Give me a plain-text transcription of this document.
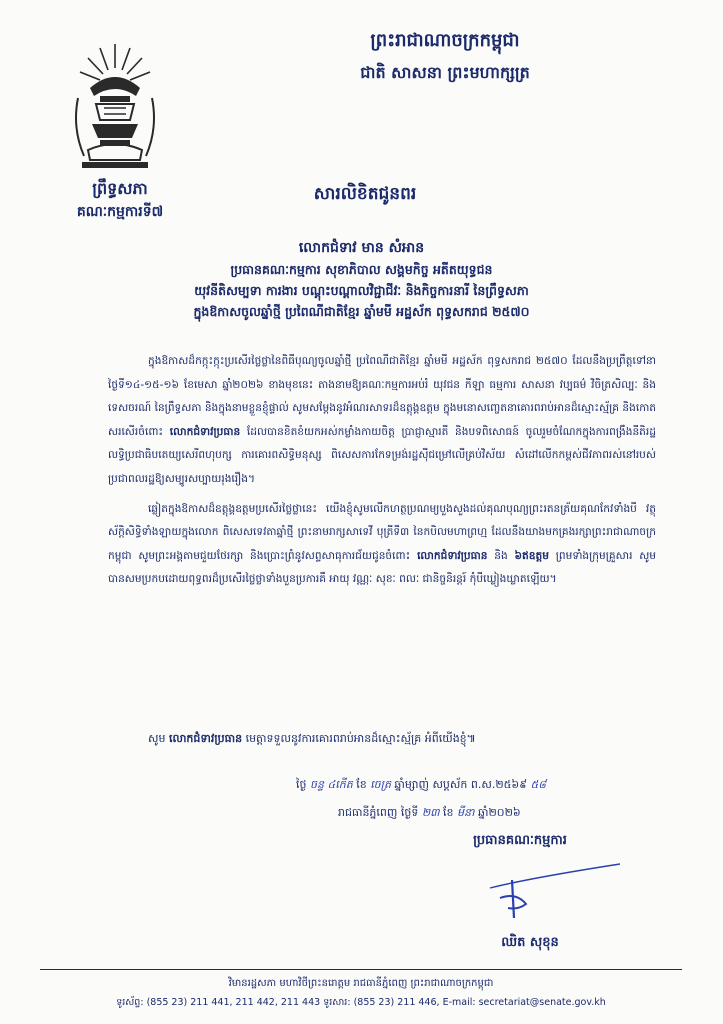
ព្រះរាជាណាចក្រកម្ពុជា
ជាតិ សាសនា ព្រះមហាក្សត្រ
ព្រឹទ្ធសភា
គណៈកម្មការទី៧
សារលិខិតជូនពរ
លោកជំទាវ មាន សំអាន
ប្រធានគណៈកម្មការ សុខាភិបាល សង្គមកិច្ច អតីតយុទ្ធជន
យុវនីតិសម្បទា ការងារ បណ្តុះបណ្តាលវិជ្ជាជីវៈ និងកិច្ចការនារី នៃព្រឹទ្ធសភា
ក្នុងឱកាសចូលឆ្នាំថ្មី ប្រពៃណីជាតិខ្មែរ ឆ្នាំមមី អដ្ឋស័ក ពុទ្ធសករាជ ២៥៧០

ក្នុងឱកាសដ៏កក្កុះក្កុះប្រសើរថ្លៃថ្លានៃពិធីបុណ្យចូលឆ្នាំថ្មី ប្រពៃណីជាតិខ្មែរ ឆ្នាំមមី អដ្ឋស័ក ពុទ្ធសករាជ ២៥៧០ ដែលនឹងប្រព្រឹត្តទៅនាថ្ងៃទី១៤-១៥-១៦ ខែមេសា ឆ្នាំ២០២៦ ខាងមុខនេះ តាងនាមឱ្យគណៈកម្មការអប់រំ យុវជន កីឡា ធម្មការ សាសនា វប្បធម៌ វិចិត្រសិល្បៈ និងទេសចរណ៍ នៃព្រឹទ្ធសភា និងក្នុងនាមខ្លួនខ្ញុំផ្ទាល់ សូមសម្តែងនូវអំណរសាទរដ៏ឧត្តុង្គឧត្តម ក្នុងមនោសញ្ចេតនាគោរពរាប់អានដ៏ស្មោះស្ម័គ្រ និងកោតសរសើរចំពោះ លោកជំទាវប្រធាន ដែលបានខិតខំយកអស់កម្លាំងកាយចិត្ត ប្រាជ្ញាស្មារតី និងបទពិសោធន៍ ចូលរួមចំណែកក្នុងការពង្រឹងនីតិរដ្ឋ លទ្ធិប្រជាធិបតេយ្យសេរីពហុបក្ស ការគោរពសិទ្ធិមនុស្ស ពិសេសការកែទម្រង់រដ្ឋស៊ីជម្រៅលើគ្រប់វិស័យ សំដៅលើកកម្ពស់ជីវភាពរស់នៅរបស់ប្រជាពលរដ្ឋឱ្យសម្បូរសប្បាយរុងរឿង។

ឆ្លៀតក្នុងឱកាសដ៏ឧត្តុង្គឧត្តមប្រសើរថ្លៃថ្លានេះ យើងខ្ញុំសូមលើកហត្ថប្រណម្យបួងសួងដល់គុណបុណ្យព្រះរតនត្រ័យគុណកែវទាំងបី វត្ថុស័ក្តិសិទ្ធិទាំងឡាយក្នុងលោក ពិសេសទេវតាឆ្នាំថ្មី ព្រះនាមរាក្សសាទេវី បុត្រីទី៣ នៃកបិលមហាព្រហ្ម ដែលនឹងយាងមកគ្រងរក្សាព្រះរាជាណាចក្រកម្ពុជា សូមព្រះអង្គតាមជួយថែរក្សា និងប្រោះព្រំនូវសព្ទសាធុការជ័យជូនចំពោះ លោកជំទាវប្រធាន និង ៦ឥឧត្តម ព្រមទាំងក្រុមគ្រួសារ សូមបានសមប្រកបដោយពុទ្ធពរដ៏ប្រសើរថ្លៃថ្លាទាំងបួនប្រការគឺ អាយុ វណ្ណៈ សុខៈ ពលៈ ជានិច្ចនិរន្តរ៍ កុំបីឃ្លៀងឃ្លាតឡើយ។

សូម លោកជំទាវប្រធាន មេត្តាទទួលនូវការគោរពរាប់អានដ៏ស្មោះស្ម័គ្រ អំពីយើងខ្ញុំ៕
ថ្ងៃ ចន្ទ ៤កើត ខែ ចេត្រ ឆ្នាំម្សាញ់ សប្តស័ក ព.ស.២៥៦៩ ៥៨
រាជធានីភ្នំពេញ ថ្ងៃទី ២៣ ខែ មីនា ឆ្នាំ២០២៦
ប្រធានគណៈកម្មការ
ឈិត សុខុន
វិមានរដ្ឋសភា មហាវិថីព្រះនរោត្តម រាជធានីភ្នំពេញ ព្រះរាជាណាចក្រកម្ពុជា
ទូរស័ព្ទ: (855 23) 211 441, 211 442, 211 443 ទូរសារ: (855 23) 211 446, E-mail: secretariat@senate.gov.kh
